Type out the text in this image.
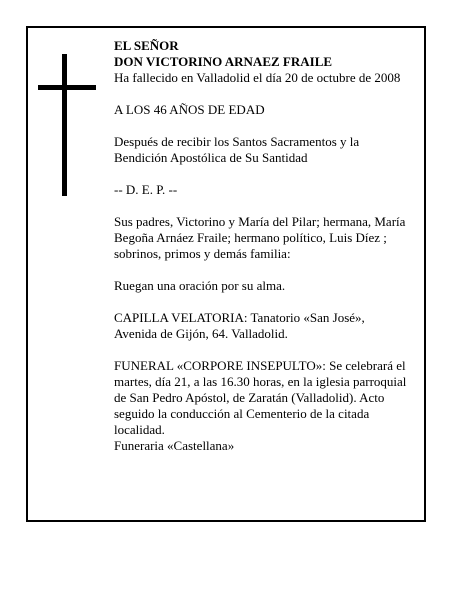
EL SEÑOR
DON VICTORINO ARNAEZ FRAILE
Ha fallecido en Valladolid el día 20 de octubre de 2008

A LOS 46 AÑOS DE EDAD

Después de recibir los Santos Sacramentos y la
Bendición Apostólica de Su Santidad

-- D. E. P. --

Sus padres, Victorino y María del Pilar; hermana, María
Begoña Arnáez Fraile; hermano político, Luis Díez ;
sobrinos, primos y demás familia:

Ruegan una oración por su alma.

CAPILLA VELATORIA: Tanatorio «San José»,
Avenida de Gijón, 64. Valladolid.

FUNERAL «CORPORE INSEPULTO»: Se celebrará el
martes, día 21, a las 16.30 horas, en la iglesia parroquial
de San Pedro Apóstol, de Zaratán (Valladolid). Acto
seguido la conducción al Cementerio de la citada
localidad.
Funeraria «Castellana»
